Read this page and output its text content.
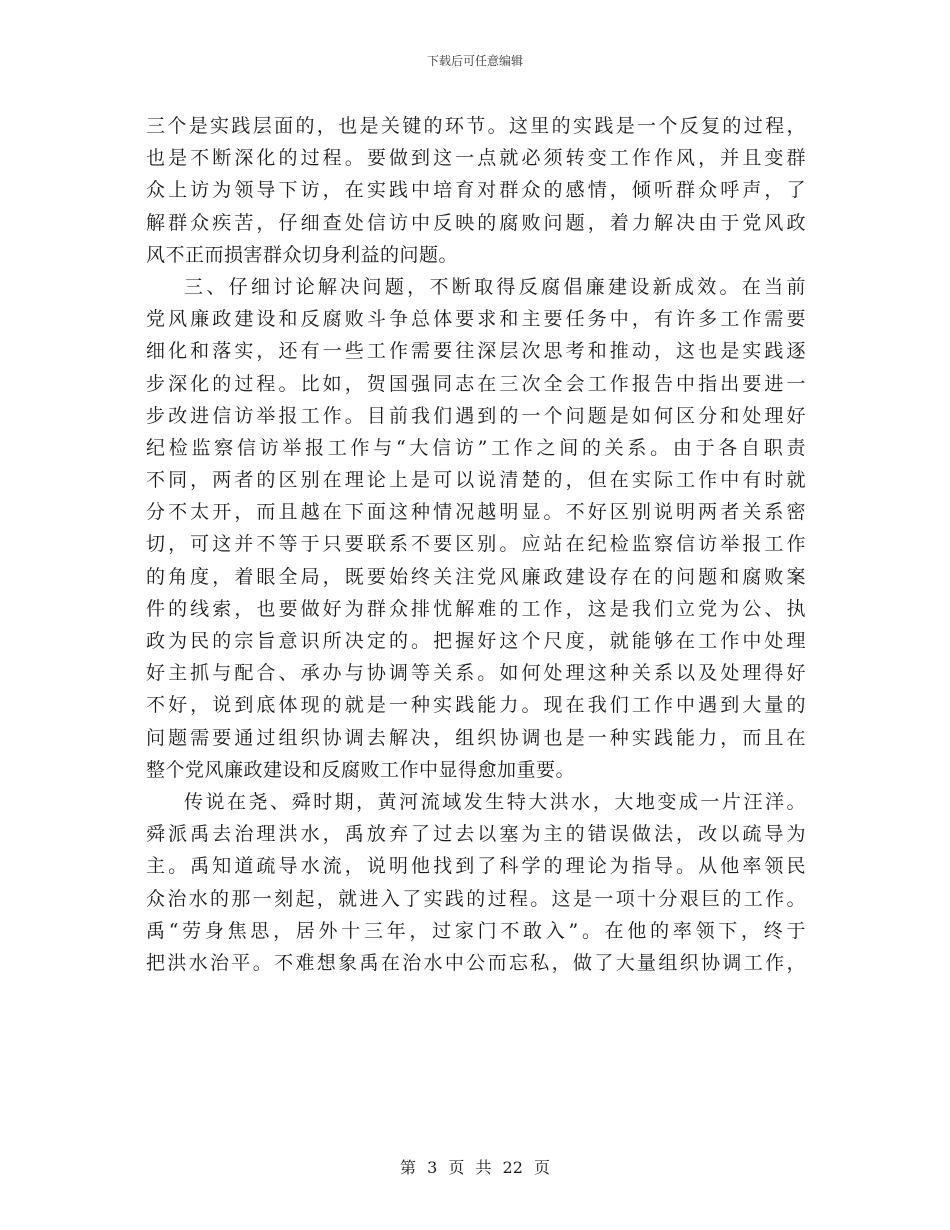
下载后可任意编辑
三个是实践层面的，也是关键的环节。这里的实践是一个反复的过程，
也是不断深化的过程。要做到这一点就必须转变工作作风，并且变群
众上访为领导下访，在实践中培育对群众的感情，倾听群众呼声，了
解群众疾苦，仔细查处信访中反映的腐败问题，着力解决由于党风政
风不正而损害群众切身利益的问题。
三、仔细讨论解决问题，不断取得反腐倡廉建设新成效。在当前
党风廉政建设和反腐败斗争总体要求和主要任务中，有许多工作需要
细化和落实，还有一些工作需要往深层次思考和推动，这也是实践逐
步深化的过程。比如，贺国强同志在三次全会工作报告中指出要进一
步改进信访举报工作。目前我们遇到的一个问题是如何区分和处理好
纪检监察信访举报工作与“大信访”工作之间的关系。由于各自职责
不同，两者的区别在理论上是可以说清楚的，但在实际工作中有时就
分不太开，而且越在下面这种情况越明显。不好区别说明两者关系密
切，可这并不等于只要联系不要区别。应站在纪检监察信访举报工作
的角度，着眼全局，既要始终关注党风廉政建设存在的问题和腐败案
件的线索，也要做好为群众排忧解难的工作，这是我们立党为公、执
政为民的宗旨意识所决定的。把握好这个尺度，就能够在工作中处理
好主抓与配合、承办与协调等关系。如何处理这种关系以及处理得好
不好，说到底体现的就是一种实践能力。现在我们工作中遇到大量的
问题需要通过组织协调去解决，组织协调也是一种实践能力，而且在
整个党风廉政建设和反腐败工作中显得愈加重要。
传说在尧、舜时期，黄河流域发生特大洪水，大地变成一片汪洋。
舜派禹去治理洪水，禹放弃了过去以塞为主的错误做法，改以疏导为
主。禹知道疏导水流，说明他找到了科学的理论为指导。从他率领民
众治水的那一刻起，就进入了实践的过程。这是一项十分艰巨的工作。
禹“劳身焦思，居外十三年，过家门不敢入”。在他的率领下，终于
把洪水治平。不难想象禹在治水中公而忘私，做了大量组织协调工作，
第 3 页 共 22 页
